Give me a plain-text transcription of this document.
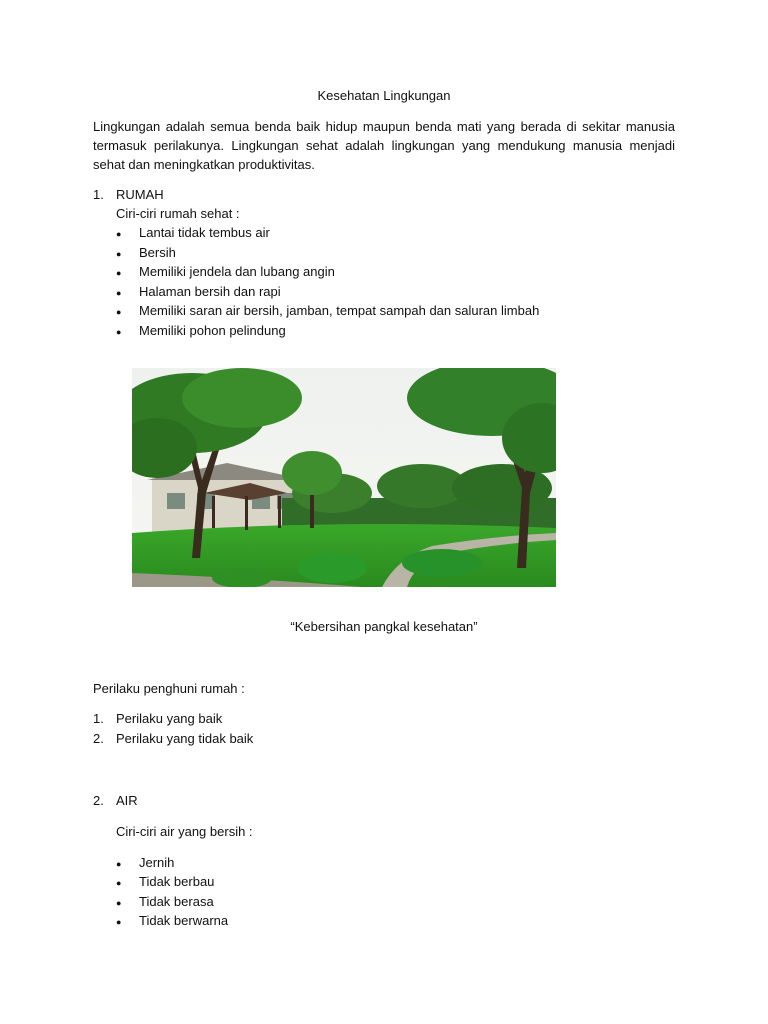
Kesehatan Lingkungan

Lingkungan adalah semua benda baik hidup maupun benda mati yang berada di sekitar manusia termasuk perilakunya. Lingkungan sehat adalah lingkungan yang mendukung manusia menjadi sehat dan meningkatkan produktivitas.

1. RUMAH
Ciri-ciri rumah sehat :
● Lantai tidak tembus air
● Bersih
● Memiliki jendela dan lubang angin
● Halaman bersih dan rapi
● Memiliki saran air bersih, jamban, tempat sampah dan saluran limbah
● Memiliki pohon pelindung
“Kebersihan pangkal kesehatan”
Perilaku penghuni rumah :
1. Perilaku yang baik
2. Perilaku yang tidak baik
2. AIR
Ciri-ciri air yang bersih :
● Jernih
● Tidak berbau
● Tidak berasa
● Tidak berwarna
